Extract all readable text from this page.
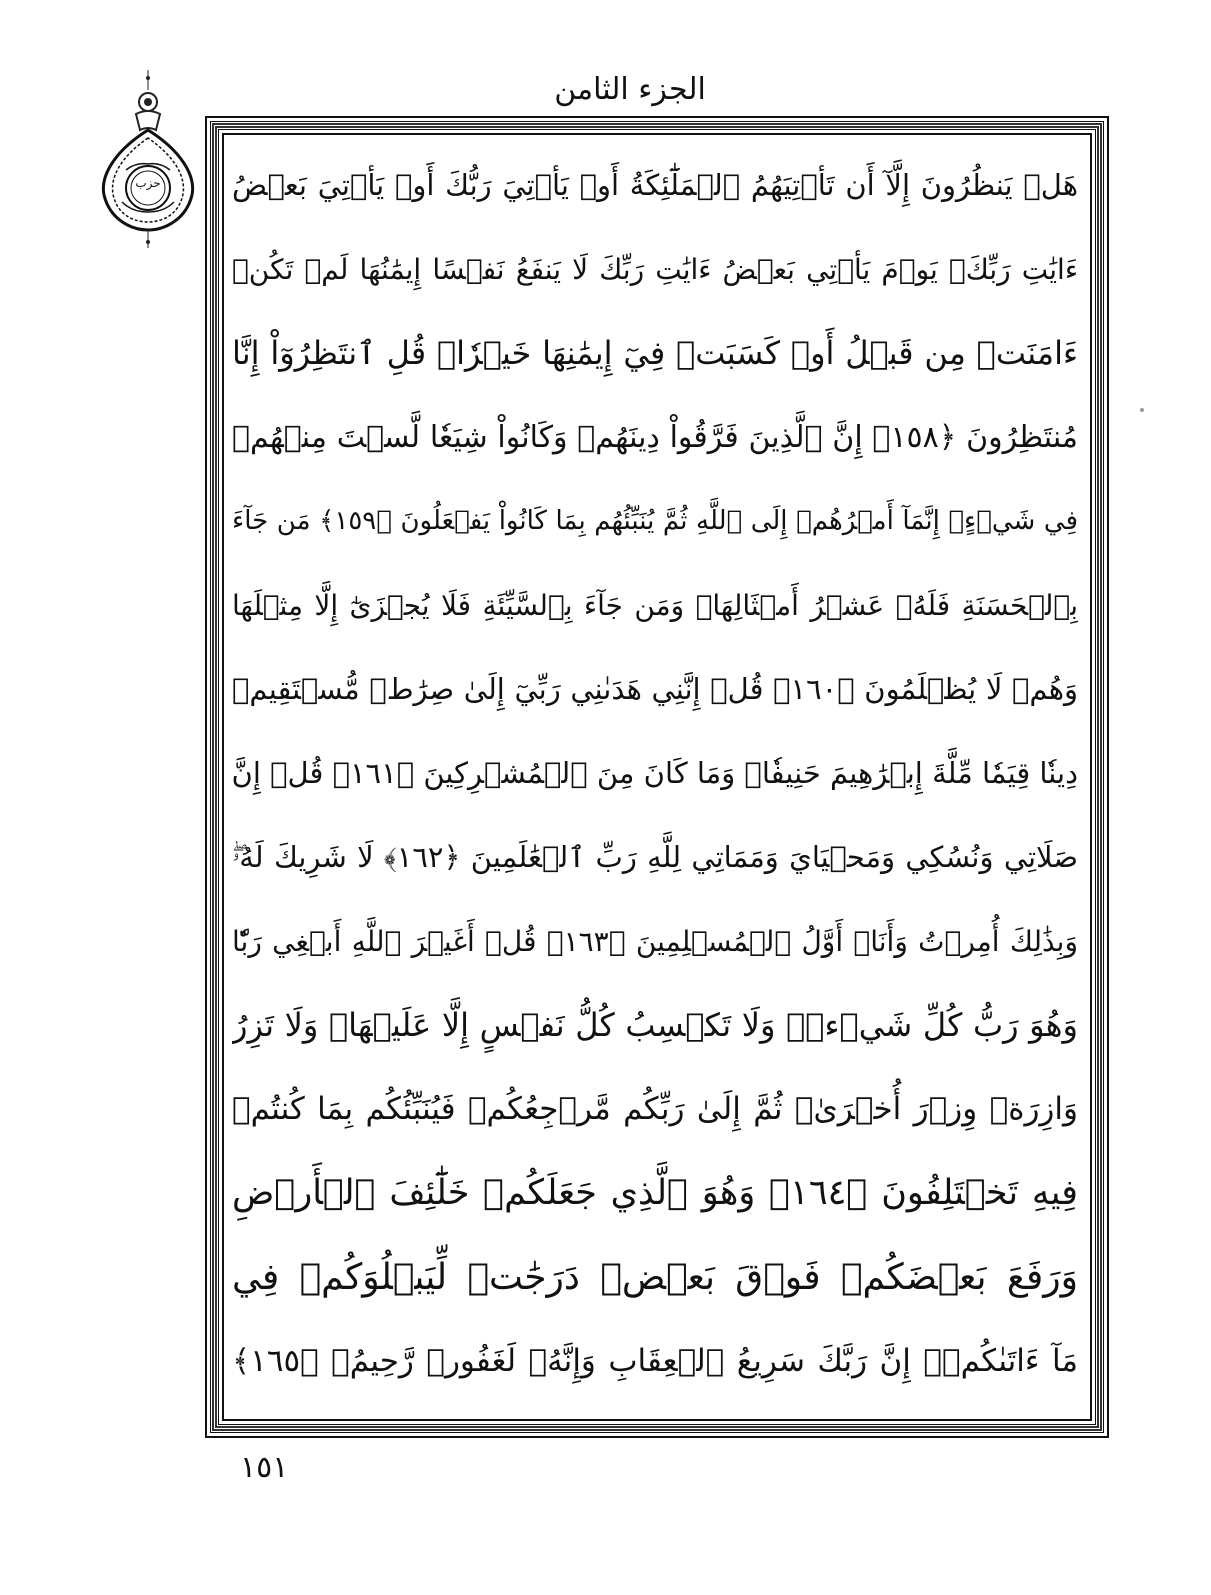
الجزء الثامن
حزب هَلۡ يَنظُرُونَ إِلَّآ أَن تَأۡتِيَهُمُ ٱلۡمَلَٰٓئِكَةُ أَوۡ يَأۡتِيَ رَبُّكَ أَوۡ يَأۡتِيَ بَعۡضُ
ءَايَٰتِ رَبِّكَۗ يَوۡمَ يَأۡتِي بَعۡضُ ءَايَٰتِ رَبِّكَ لَا يَنفَعُ نَفۡسًا إِيمَٰنُهَا لَمۡ تَكُنۡ
ءَامَنَتۡ مِن قَبۡلُ أَوۡ كَسَبَتۡ فِيٓ إِيمَٰنِهَا خَيۡرٗاۗ قُلِ ٱنتَظِرُوٓاْ إِنَّا
مُنتَظِرُونَ ﴿١٥٨﴾ إِنَّ ٱلَّذِينَ فَرَّقُواْ دِينَهُمۡ وَكَانُواْ شِيَعٗا لَّسۡتَ مِنۡهُمۡ
فِي شَيۡءٍۚ إِنَّمَآ أَمۡرُهُمۡ إِلَى ٱللَّهِ ثُمَّ يُنَبِّئُهُم بِمَا كَانُواْ يَفۡعَلُونَ ﴿١٥٩﴾ مَن جَآءَ
بِٱلۡحَسَنَةِ فَلَهُۥ عَشۡرُ أَمۡثَالِهَاۖ وَمَن جَآءَ بِٱلسَّيِّئَةِ فَلَا يُجۡزَىٰٓ إِلَّا مِثۡلَهَا
وَهُمۡ لَا يُظۡلَمُونَ ﴿١٦٠﴾ قُلۡ إِنَّنِي هَدَىٰنِي رَبِّيٓ إِلَىٰ صِرَٰطٖ مُّسۡتَقِيمٖ
دِينٗا قِيَمٗا مِّلَّةَ إِبۡرَٰهِيمَ حَنِيفٗاۚ وَمَا كَانَ مِنَ ٱلۡمُشۡرِكِينَ ﴿١٦١﴾ قُلۡ إِنَّ
صَلَاتِي وَنُسُكِي وَمَحۡيَايَ وَمَمَاتِي لِلَّهِ رَبِّ ٱلۡعَٰلَمِينَ ﴿١٦٢﴾ لَا شَرِيكَ لَهُۥۖ
وَبِذَٰلِكَ أُمِرۡتُ وَأَنَا۠ أَوَّلُ ٱلۡمُسۡلِمِينَ ﴿١٦٣﴾ قُلۡ أَغَيۡرَ ٱللَّهِ أَبۡغِي رَبّٗا
وَهُوَ رَبُّ كُلِّ شَيۡءٖۚ وَلَا تَكۡسِبُ كُلُّ نَفۡسٍ إِلَّا عَلَيۡهَاۚ وَلَا تَزِرُ
وَازِرَةٞ وِزۡرَ أُخۡرَىٰۚ ثُمَّ إِلَىٰ رَبِّكُم مَّرۡجِعُكُمۡ فَيُنَبِّئُكُم بِمَا كُنتُمۡ
فِيهِ تَخۡتَلِفُونَ ﴿١٦٤﴾ وَهُوَ ٱلَّذِي جَعَلَكُمۡ خَلَٰٓئِفَ ٱلۡأَرۡضِ
وَرَفَعَ بَعۡضَكُمۡ فَوۡقَ بَعۡضٖ دَرَجَٰتٖ لِّيَبۡلُوَكُمۡ فِي
مَآ ءَاتَىٰكُمۡۗ إِنَّ رَبَّكَ سَرِيعُ ٱلۡعِقَابِ وَإِنَّهُۥ لَغَفُورٞ رَّحِيمُۢ ﴿١٦٥﴾
١٥١
